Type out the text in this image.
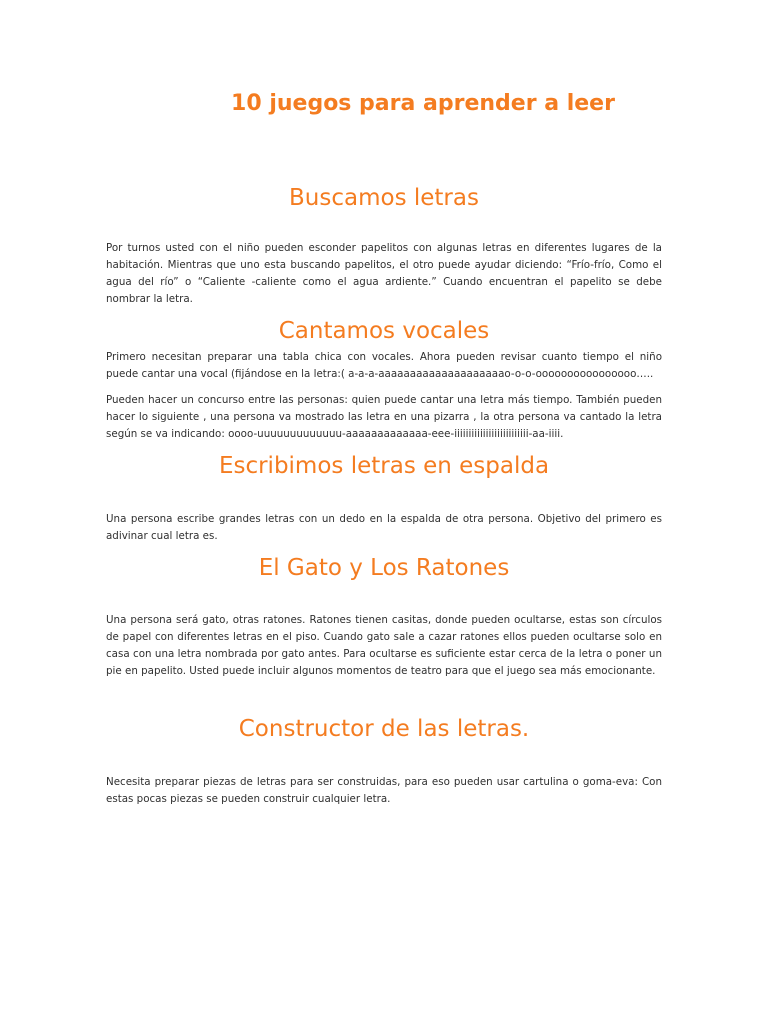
10 juegos para aprender a leer
Buscamos letras

Por turnos usted con el niño pueden esconder papelitos con algunas letras en diferentes lugares de la habitación. Mientras que uno esta buscando papelitos, el otro puede ayudar diciendo: “Frío-frío, Como el agua del río” o “Caliente -caliente como el agua ardiente.” Cuando encuentran el papelito se debe nombrar la letra.

Cantamos vocales

Primero necesitan preparar una tabla chica con vocales. Ahora pueden revisar cuanto tiempo el niño puede cantar una vocal (fijándose en la letra:( a-a-a-aaaaaaaaaaaaaaaaaaaao-o-o-oooooooooooooooo…..

Pueden hacer un concurso entre las personas: quien puede cantar una letra más tiempo. También pueden hacer lo siguiente , una persona va mostrado las letra en una pizarra , la otra persona va cantado la letra según se va indicando: oooo-uuuuuuuuuuuuu-aaaaaaaaaaaaa-eee-iiiiiiiiiiiiiiiiiiiiiiiiii-aa-iiii.

Escribimos letras en espalda

Una persona escribe grandes letras con un dedo en la espalda de otra persona. Objetivo del primero es adivinar cual letra es.

El Gato y Los Ratones

Una persona será gato, otras ratones. Ratones tienen casitas, donde pueden ocultarse, estas son círculos de papel con diferentes letras en el piso. Cuando gato sale a cazar ratones ellos pueden ocultarse solo en casa con una letra nombrada por gato antes. Para ocultarse es suficiente estar cerca de la letra o poner un pie en papelito. Usted puede incluir algunos momentos de teatro para que el juego sea más emocionante.

Constructor de las letras.

Necesita preparar piezas de letras para ser construidas, para eso pueden usar cartulina o goma-eva: Con estas pocas piezas se pueden construir cualquier letra.
